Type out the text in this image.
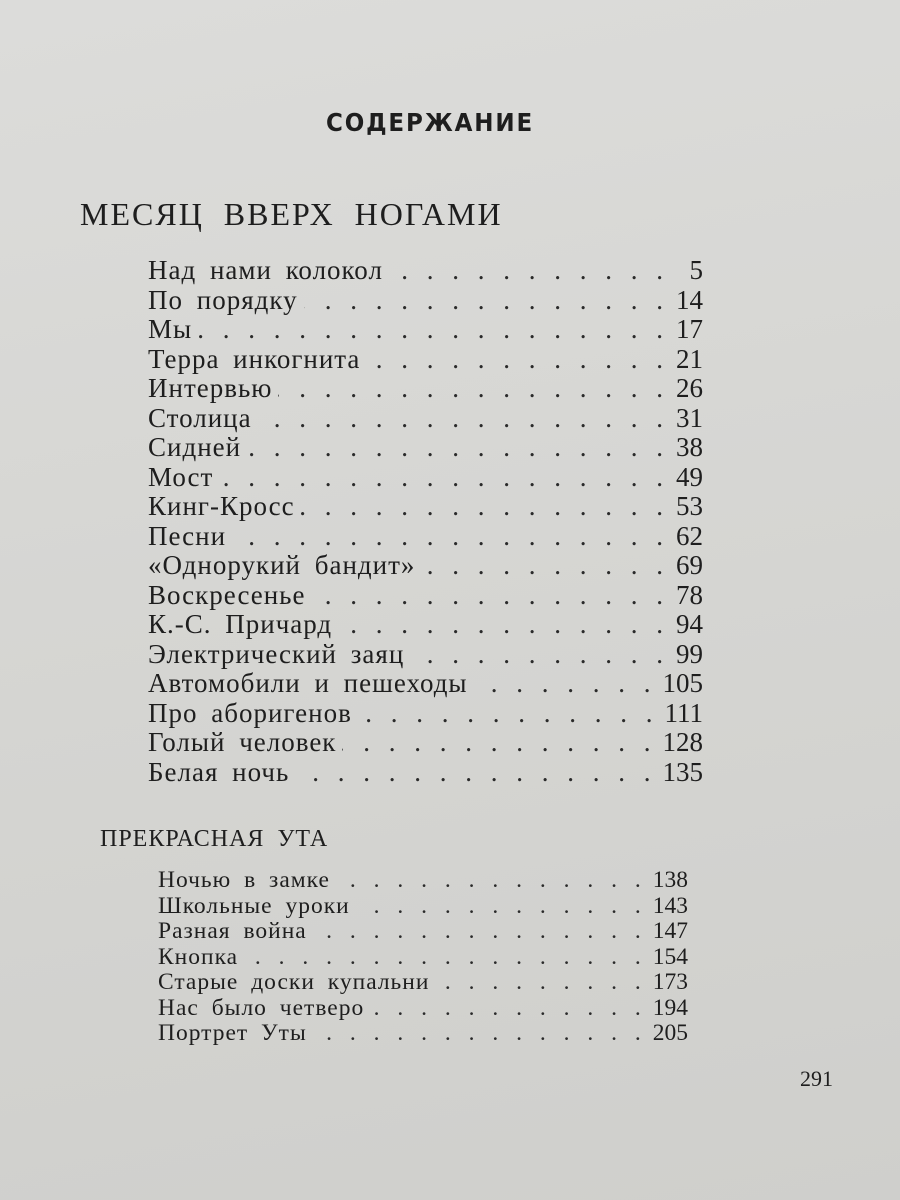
СОДЕРЖАНИЕ
МЕСЯЦ ВВЕРХ НОГАМИ
Над нами колокол . . .	5
По порядку . . .	14
Мы . . .	17
Терра инкогнита . . .	21
Интервью . . .	26
Столица . . .	31
Сидней . . .	38
Мост . . .	49
Кинг-Кросс . . .	53
Песни . . .	62
«Однорукий бандит» . . .	69
Воскресенье . . .	78
К.-С. Причард . . .	94
Электрический заяц . . .	99
Автомобили и пешеходы . . .	105
Про аборигенов . . .	111
Голый человек . . .	128
Белая ночь . . .	135
ПРЕКРАСНАЯ УТА
Ночью в замке . . .	138
Школьные уроки . . .	143
Разная война . . .	147
Кнопка . . .	154
Старые доски купальни . . .	173
Нас было четверо . . .	194
Портрет Уты . . .	205
291
